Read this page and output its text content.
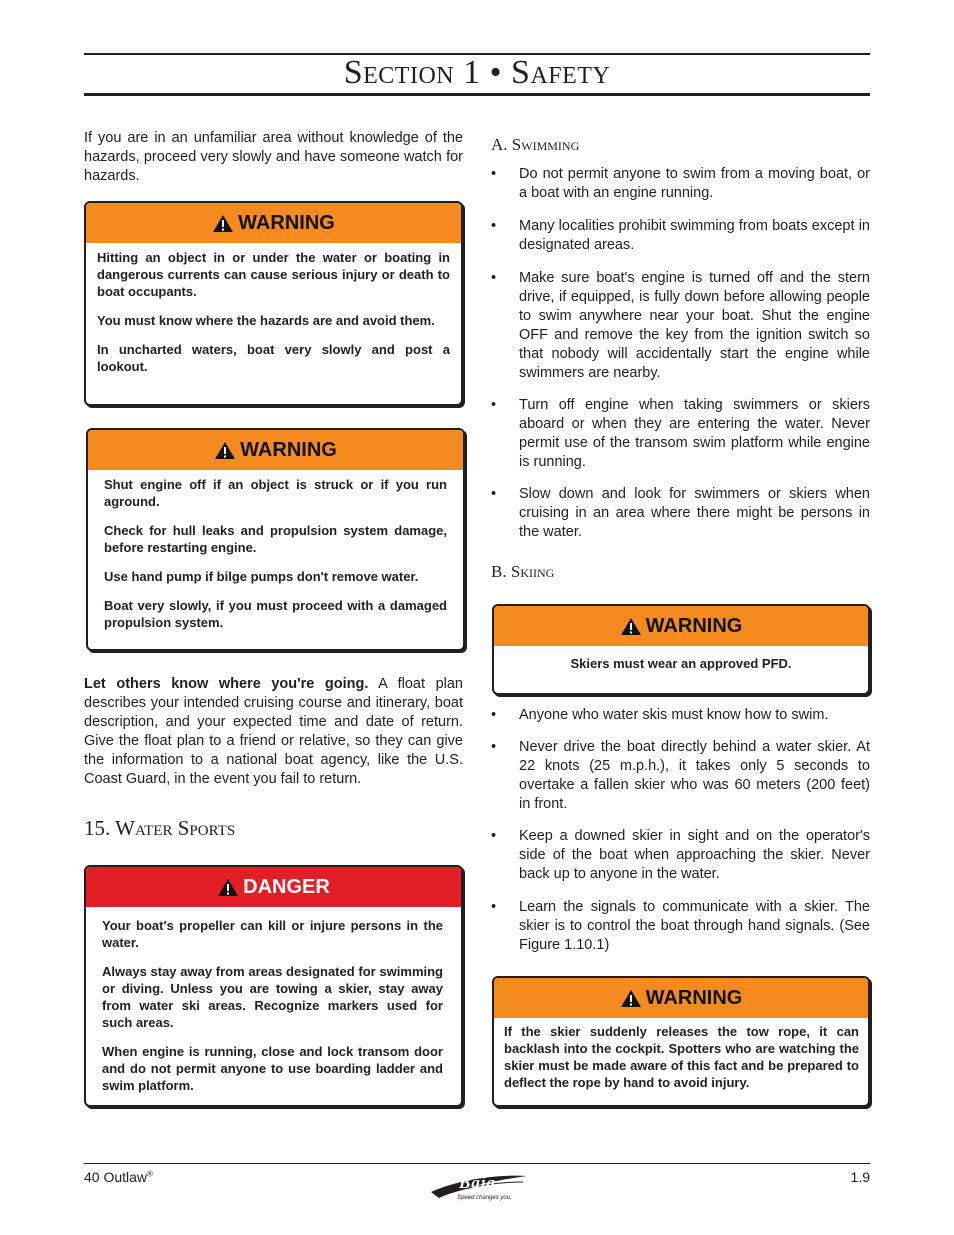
Section 1 • Safety

If you are in an unfamiliar area without knowledge of the hazards, proceed very slowly and have someone watch for hazards.

WARNING

Hitting an object in or under the water or boating in dangerous currents can cause serious injury or death to boat occupants.

You must know where the hazards are and avoid them.

In uncharted waters, boat very slowly and post a lookout.

WARNING

Shut engine off if an object is struck or if you run aground.

Check for hull leaks and propulsion system damage, before restarting engine.

Use hand pump if bilge pumps don't remove water.

Boat very slowly, if you must proceed with a damaged propulsion system.

Let others know where you're going. A float plan describes your intended cruising course and itinerary, boat description, and your expected time and date of return. Give the float plan to a friend or relative, so they can give the information to a national boat agency, like the U.S. Coast Guard, in the event you fail to return.

15. Water Sports
DANGER

Your boat's propeller can kill or injure persons in the water.

Always stay away from areas designated for swimming or diving. Unless you are towing a skier, stay away from water ski areas. Recognize markers used for such areas.

When engine is running, close and lock transom door and do not permit anyone to use boarding ladder and swim platform.

A. Swimming
• Do not permit anyone to swim from a moving boat, or a boat with an engine running.
• Many localities prohibit swimming from boats except in designated areas.
• Make sure boat's engine is turned off and the stern drive, if equipped, is fully down before allowing people to swim anywhere near your boat. Shut the engine OFF and remove the key from the ignition switch so that nobody will accidentally start the engine while swimmers are nearby.
• Turn off engine when taking swimmers or skiers aboard or when they are entering the water. Never permit use of the transom swim platform while engine is running.
• Slow down and look for swimmers or skiers when cruising in an area where there might be persons in the water.
B. Skiing
WARNING

Skiers must wear an approved PFD.

• Anyone who water skis must know how to swim.
• Never drive the boat directly behind a water skier. At 22 knots (25 m.p.h.), it takes only 5 seconds to overtake a fallen skier who was 60 meters (200 feet) in front.
• Keep a downed skier in sight and on the operator's side of the boat when approaching the skier. Never back up to anyone in the water.
• Learn the signals to communicate with a skier. The skier is to control the boat through hand signals. (See Figure 1.10.1)
WARNING

If the skier suddenly releases the tow rope, it can backlash into the cockpit. Spotters who are watching the skier must be made aware of this fact and be prepared to deflect the rope by hand to avoid injury.

40 Outlaw®	Baja
Speed changes you.
1.9
